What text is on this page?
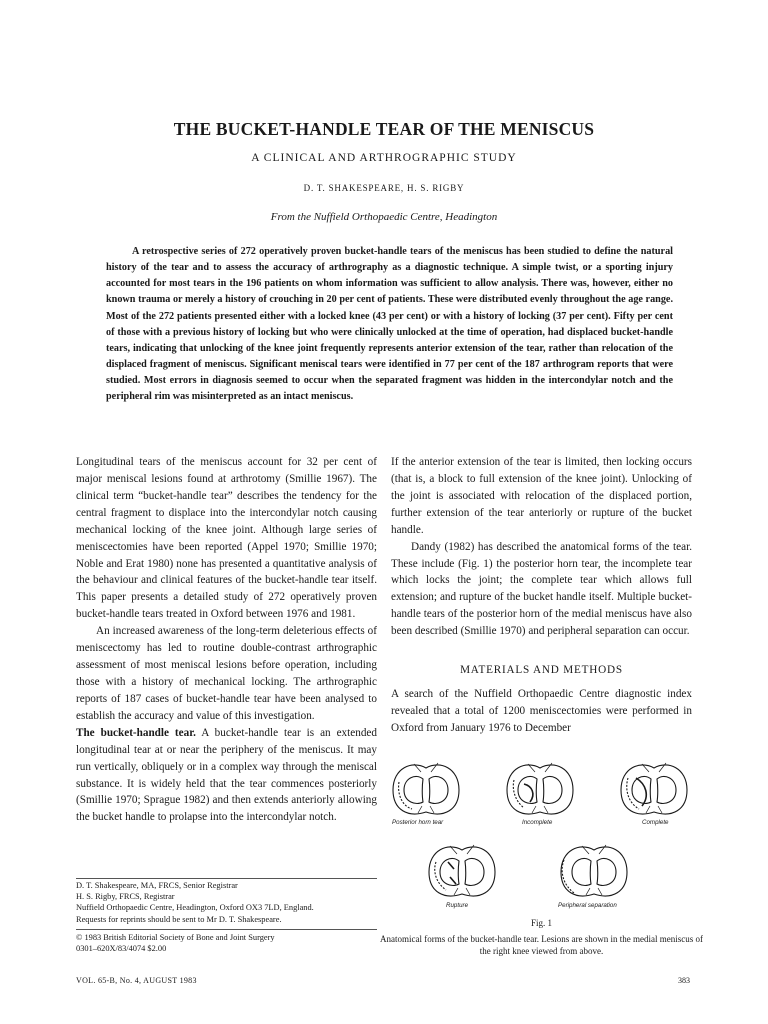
THE BUCKET-HANDLE TEAR OF THE MENISCUS
A CLINICAL AND ARTHROGRAPHIC STUDY
D. T. SHAKESPEARE, H. S. RIGBY
From the Nuffield Orthopaedic Centre, Headington

A retrospective series of 272 operatively proven bucket-handle tears of the meniscus has been studied to define the natural history of the tear and to assess the accuracy of arthrography as a diagnostic technique. A simple twist, or a sporting injury accounted for most tears in the 196 patients on whom information was sufficient to allow analysis. There was, however, either no known trauma or merely a history of crouching in 20 per cent of patients. These were distributed evenly throughout the age range. Most of the 272 patients presented either with a locked knee (43 per cent) or with a history of locking (37 per cent). Fifty per cent of those with a previous history of locking but who were clinically unlocked at the time of operation, had displaced bucket-handle tears, indicating that unlocking of the knee joint frequently represents anterior extension of the tear, rather than relocation of the displaced fragment of meniscus. Significant meniscal tears were identified in 77 per cent of the 187 arthrogram reports that were studied. Most errors in diagnosis seemed to occur when the separated fragment was hidden in the intercondylar notch and the peripheral rim was misinterpreted as an intact meniscus.

Longitudinal tears of the meniscus account for 32 per cent of major meniscal lesions found at arthrotomy (Smillie 1967). The clinical term “bucket-handle tear” describes the tendency for the central fragment to displace into the intercondylar notch causing mechanical locking of the knee joint. Although large series of meniscectomies have been reported (Appel 1970; Smillie 1970; Noble and Erat 1980) none has presented a quantitative analysis of the behaviour and clinical features of the bucket-handle tear itself. This paper presents a detailed study of 272 operatively proven bucket-handle tears treated in Oxford between 1976 and 1981.

An increased awareness of the long-term deleterious effects of meniscectomy has led to routine double-contrast arthrographic assessment of most meniscal lesions before operation, including those with a history of mechanical locking. The arthrographic reports of 187 cases of bucket-handle tear have been analysed to establish the accuracy and value of this investigation.

The bucket-handle tear. A bucket-handle tear is an extended longitudinal tear at or near the periphery of the meniscus. It may run vertically, obliquely or in a complex way through the meniscal substance. It is widely held that the tear commences posteriorly (Smillie 1970; Sprague 1982) and then extends anteriorly allowing the bucket handle to prolapse into the intercondylar notch.

If the anterior extension of the tear is limited, then locking occurs (that is, a block to full extension of the knee joint). Unlocking of the joint is associated with relocation of the displaced portion, further extension of the tear anteriorly or rupture of the bucket handle.

Dandy (1982) has described the anatomical forms of the tear. These include (Fig. 1) the posterior horn tear, the incomplete tear which locks the joint; the complete tear which allows full extension; and rupture of the bucket handle itself. Multiple bucket-handle tears of the posterior horn of the medial meniscus have also been described (Smillie 1970) and peripheral separation can occur.

MATERIALS AND METHODS

A search of the Nuffield Orthopaedic Centre diagnostic index revealed that a total of 1200 meniscectomies were performed in Oxford from January 1976 to December

D. T. Shakespeare, MA, FRCS, Senior Registrar
H. S. Rigby, FRCS, Registrar
Nuffield Orthopaedic Centre, Headington, Oxford OX3 7LD, England.
Requests for reprints should be sent to Mr D. T. Shakespeare.
© 1983 British Editorial Society of Bone and Joint Surgery
0301–620X/83/4074 $2.00
Posterior horn tear	Incomplete	Complete
Rupture	Peripheral separation
Fig. 1
Anatomical forms of the bucket-handle tear. Lesions are shown in the medial meniscus of the right knee viewed from above.
VOL. 65-B, No. 4, AUGUST 1983	383
